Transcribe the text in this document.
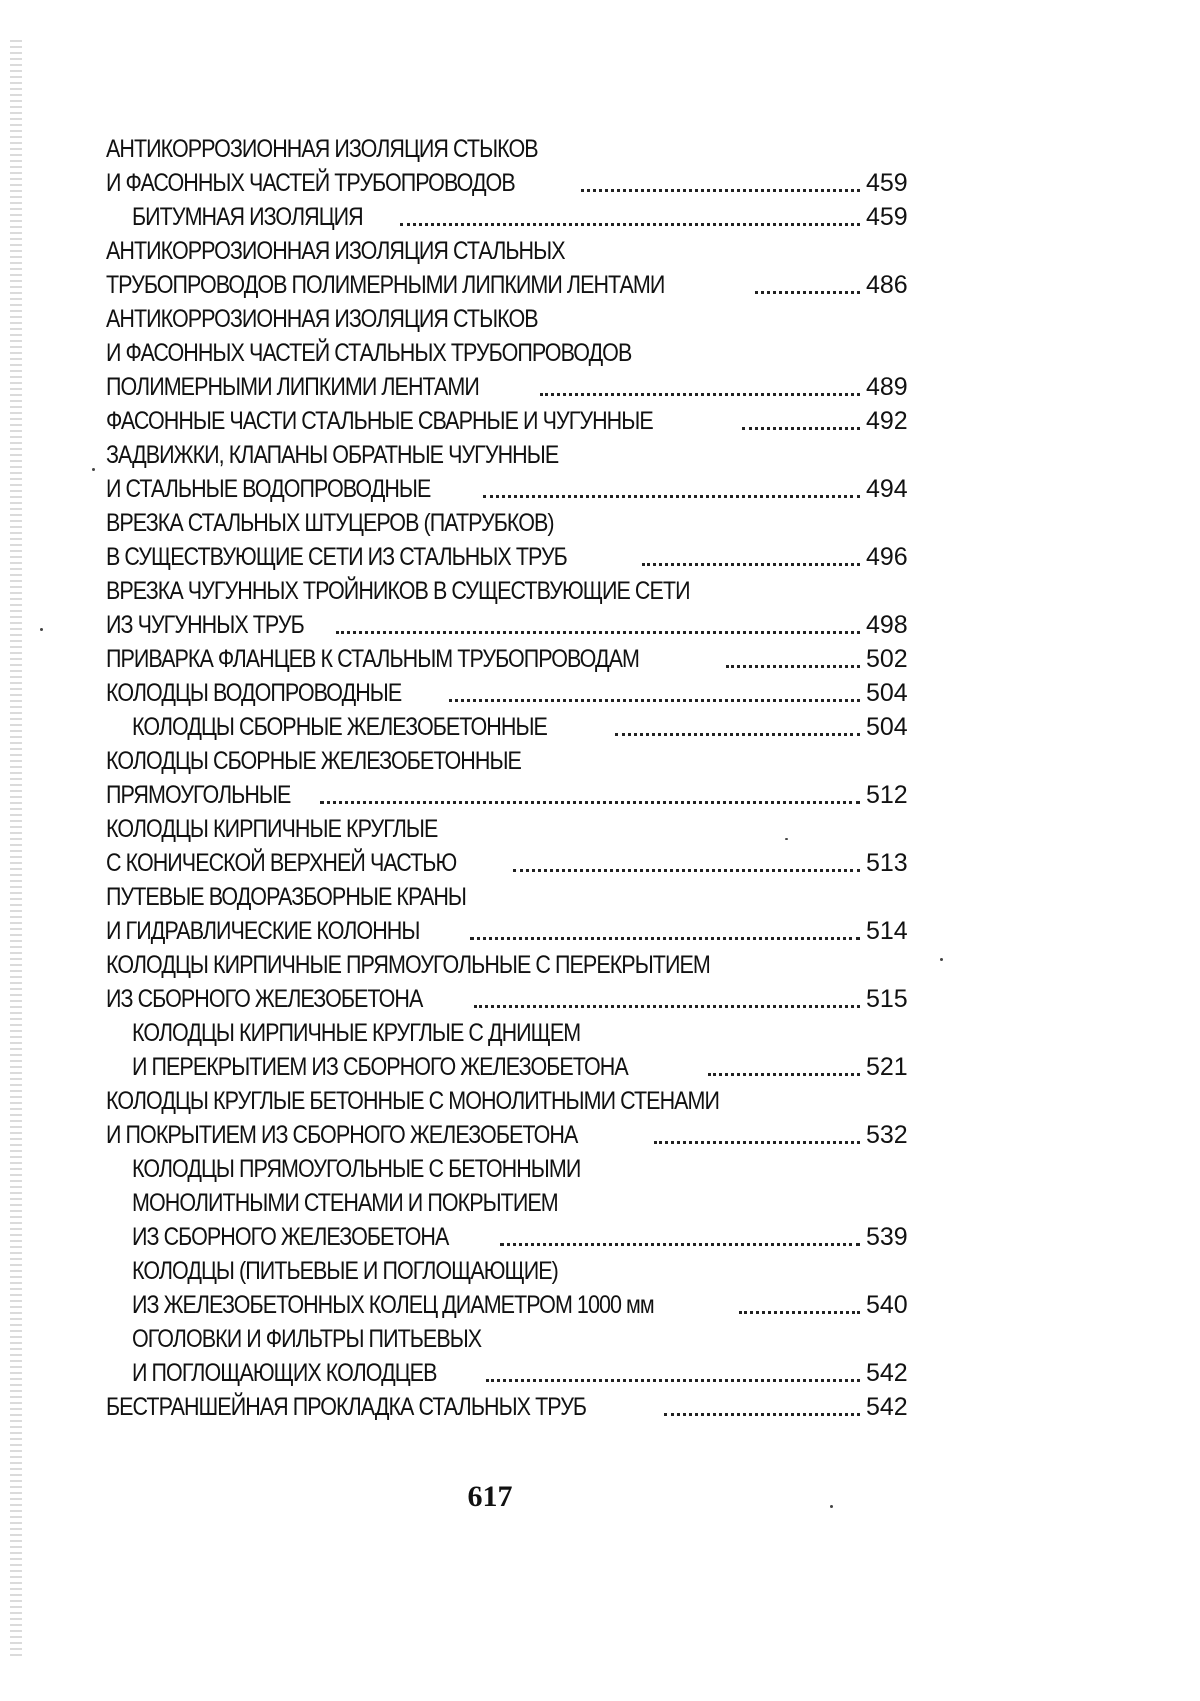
АНТИКОРРОЗИОННАЯ ИЗОЛЯЦИЯ СТЫКОВ
И ФАСОННЫХ ЧАСТЕЙ ТРУБОПРОВОДОВ	459
БИТУМНАЯ ИЗОЛЯЦИЯ	459
АНТИКОРРОЗИОННАЯ ИЗОЛЯЦИЯ СТАЛЬНЫХ
ТРУБОПРОВОДОВ ПОЛИМЕРНЫМИ ЛИПКИМИ ЛЕНТАМИ	486
АНТИКОРРОЗИОННАЯ ИЗОЛЯЦИЯ СТЫКОВ
И ФАСОННЫХ ЧАСТЕЙ СТАЛЬНЫХ ТРУБОПРОВОДОВ
ПОЛИМЕРНЫМИ ЛИПКИМИ ЛЕНТАМИ	489
ФАСОННЫЕ ЧАСТИ СТАЛЬНЫЕ СВАРНЫЕ И ЧУГУННЫЕ	492
ЗАДВИЖКИ, КЛАПАНЫ ОБРАТНЫЕ ЧУГУННЫЕ
И СТАЛЬНЫЕ ВОДОПРОВОДНЫЕ	494
ВРЕЗКА СТАЛЬНЫХ ШТУЦЕРОВ (ПАТРУБКОВ)
В СУЩЕСТВУЮЩИЕ СЕТИ ИЗ СТАЛЬНЫХ ТРУБ	496
ВРЕЗКА ЧУГУННЫХ ТРОЙНИКОВ В СУЩЕСТВУЮЩИЕ СЕТИ
ИЗ ЧУГУННЫХ ТРУБ	498
ПРИВАРКА ФЛАНЦЕВ К СТАЛЬНЫМ ТРУБОПРОВОДАМ	502
КОЛОДЦЫ ВОДОПРОВОДНЫЕ	504
КОЛОДЦЫ СБОРНЫЕ ЖЕЛЕЗОБЕТОННЫЕ	504
КОЛОДЦЫ СБОРНЫЕ ЖЕЛЕЗОБЕТОННЫЕ
ПРЯМОУГОЛЬНЫЕ	512
КОЛОДЦЫ КИРПИЧНЫЕ КРУГЛЫЕ
С КОНИЧЕСКОЙ ВЕРХНЕЙ ЧАСТЬЮ	513
ПУТЕВЫЕ ВОДОРАЗБОРНЫЕ КРАНЫ
И ГИДРАВЛИЧЕСКИЕ КОЛОННЫ	514
КОЛОДЦЫ КИРПИЧНЫЕ ПРЯМОУГОЛЬНЫЕ С ПЕРЕКРЫТИЕМ
ИЗ СБОРНОГО ЖЕЛЕЗОБЕТОНА	515
КОЛОДЦЫ КИРПИЧНЫЕ КРУГЛЫЕ С ДНИЩЕМ
И ПЕРЕКРЫТИЕМ ИЗ СБОРНОГО ЖЕЛЕЗОБЕТОНА	521
КОЛОДЦЫ КРУГЛЫЕ БЕТОННЫЕ С МОНОЛИТНЫМИ СТЕНАМИ
И ПОКРЫТИЕМ ИЗ СБОРНОГО ЖЕЛЕЗОБЕТОНА	532
КОЛОДЦЫ ПРЯМОУГОЛЬНЫЕ С БЕТОННЫМИ
МОНОЛИТНЫМИ СТЕНАМИ И ПОКРЫТИЕМ
ИЗ СБОРНОГО ЖЕЛЕЗОБЕТОНА	539
КОЛОДЦЫ (ПИТЬЕВЫЕ И ПОГЛОЩАЮЩИЕ)
ИЗ ЖЕЛЕЗОБЕТОННЫХ КОЛЕЦ ДИАМЕТРОМ 1000 мм	540
ОГОЛОВКИ И ФИЛЬТРЫ ПИТЬЕВЫХ
И ПОГЛОЩАЮЩИХ КОЛОДЦЕВ	542
БЕСТРАНШЕЙНАЯ ПРОКЛАДКА СТАЛЬНЫХ ТРУБ	542
617
